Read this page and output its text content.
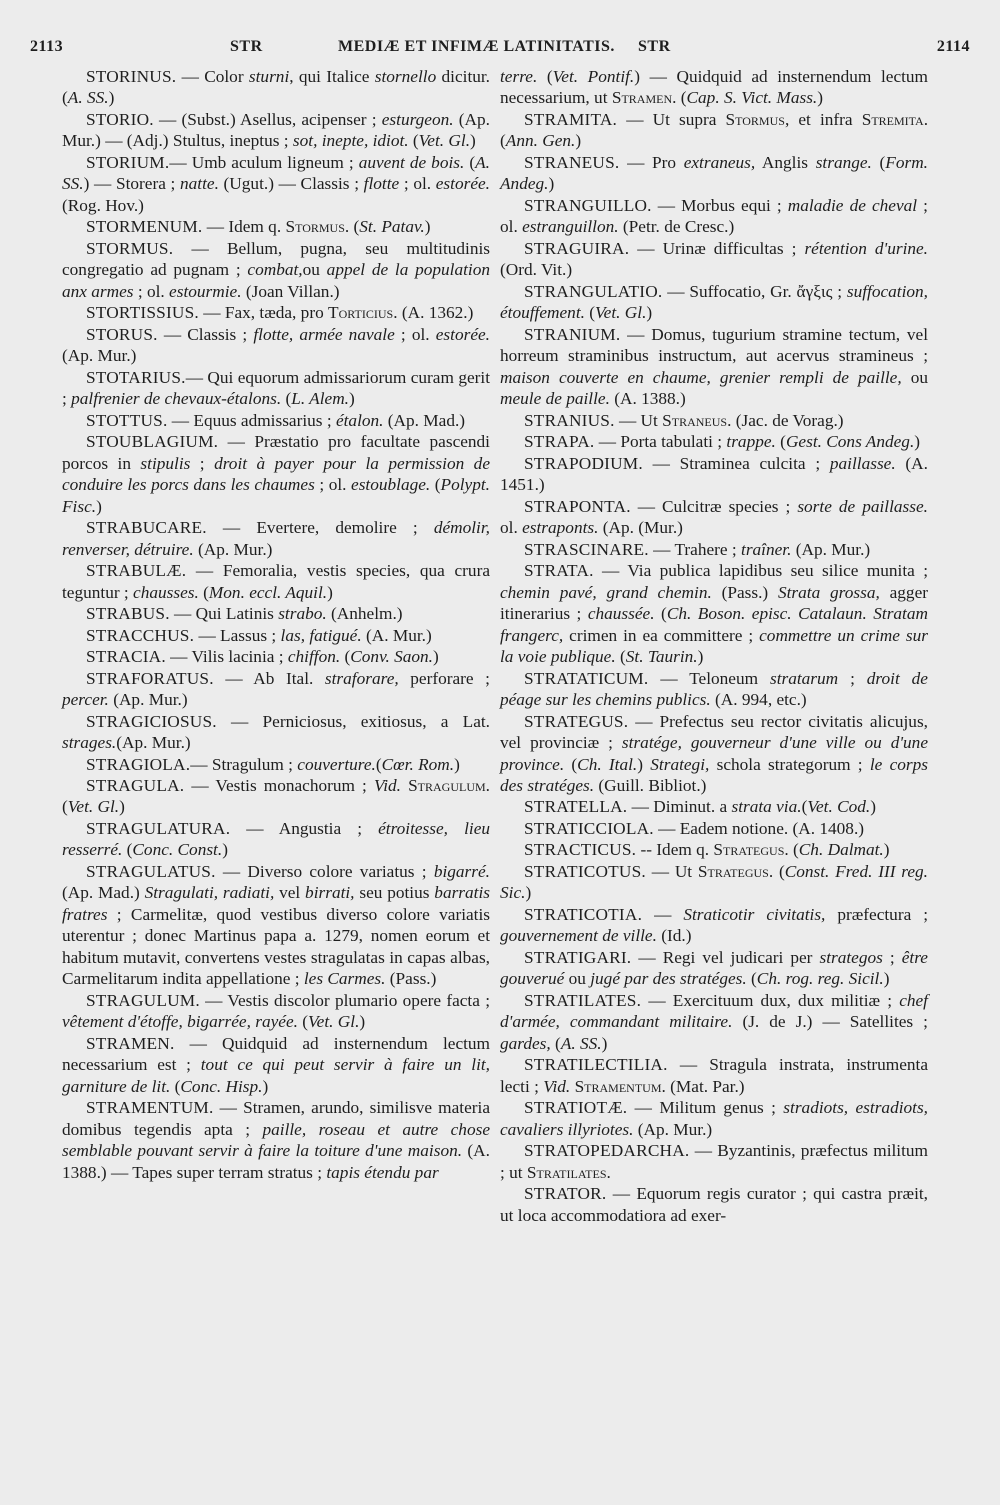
2113	STR	MEDIÆ ET INFIMÆ LATINITATIS. STR	2114

STORINUS. — Color sturni, qui Italice stornello dicitur. (A. SS.)

STORIO. — (Subst.) Asellus, acipenser ; esturgeon. (Ap. Mur.) — (Adj.) Stultus, ineptus ; sot, inepte, idiot. (Vet. Gl.)

STORIUM.— Umb aculum ligneum ; auvent de bois. (A. SS.) — Storera ; natte. (Ugut.) — Classis ; flotte ; ol. estorée. (Rog. Hov.)

STORMENUM. — Idem q. Stormus. (St. Patav.)

STORMUS. — Bellum, pugna, seu multitudinis congregatio ad pugnam ; combat,ou appel de la population anx armes ; ol. estourmie. (Joan Villan.)

STORTISSIUS. — Fax, tæda, pro Torticius. (A. 1362.)

STORUS. — Classis ; flotte, armée navale ; ol. estorée. (Ap. Mur.)

STOTARIUS.— Qui equorum admissariorum curam gerit ; palfrenier de chevaux-étalons. (L. Alem.)

STOTTUS. — Equus admissarius ; étalon. (Ap. Mad.)

STOUBLAGIUM. — Præstatio pro facultate pascendi porcos in stipulis ; droit à payer pour la permission de conduire les porcs dans les chaumes ; ol. estoublage. (Polypt. Fisc.)

STRABUCARE. — Evertere, demolire ; démolir, renverser, détruire. (Ap. Mur.)

STRABULÆ. — Femoralia, vestis species, qua crura teguntur ; chausses. (Mon. eccl. Aquil.)

STRABUS. — Qui Latinis strabo. (Anhelm.)

STRACCHUS. — Lassus ; las, fatigué. (A. Mur.)

STRACIA. — Vilis lacinia ; chiffon. (Conv. Saon.)

STRAFORATUS. — Ab Ital. straforare, perforare ; percer. (Ap. Mur.)

STRAGICIOSUS. — Perniciosus, exitiosus, a Lat. strages.(Ap. Mur.)

STRAGIOLA.— Stragulum ; couverture.(Cœr. Rom.)

STRAGULA. — Vestis monachorum ; Vid. Stragulum. (Vet. Gl.)

STRAGULATURA. — Angustia ; étroitesse, lieu resserré. (Conc. Const.)

STRAGULATUS. — Diverso colore variatus ; bigarré. (Ap. Mad.) Stragulati, radiati, vel birrati, seu potius barratis fratres ; Carmelitæ, quod vestibus diverso colore variatis uterentur ; donec Martinus papa a. 1279, nomen eorum et habitum mutavit, convertens vestes stragulatas in capas albas, Carmelitarum indita appellatione ; les Carmes. (Pass.)

STRAGULUM. — Vestis discolor plumario opere facta ; vêtement d'étoffe, bigarrée, rayée. (Vet. Gl.)

STRAMEN. — Quidquid ad insternendum lectum necessarium est ; tout ce qui peut servir à faire un lit, garniture de lit. (Conc. Hisp.)

STRAMENTUM. — Stramen, arundo, similisve materia domibus tegendis apta ; paille, roseau et autre chose semblable pouvant servir à faire la toiture d'une maison. (A. 1388.) — Tapes super terram stratus ; tapis étendu par

terre. (Vet. Pontif.) — Quidquid ad insternendum lectum necessarium, ut Stramen. (Cap. S. Vict. Mass.)

STRAMITA. — Ut supra Stormus, et infra Stremita. (Ann. Gen.)

STRANEUS. — Pro extraneus, Anglis strange. (Form. Andeg.)

STRANGUILLO. — Morbus equi ; maladie de cheval ; ol. estranguillon. (Petr. de Cresc.)

STRAGUIRA. — Urinæ difficultas ; rétention d'urine. (Ord. Vit.)

STRANGULATIO. — Suffocatio, Gr. ἄγξις ; suffocation, étouffement. (Vet. Gl.)

STRANIUM. — Domus, tugurium stramine tectum, vel horreum straminibus instructum, aut acervus stramineus ; maison couverte en chaume, grenier rempli de paille, ou meule de paille. (A. 1388.)

STRANIUS. — Ut Straneus. (Jac. de Vorag.)

STRAPA. — Porta tabulati ; trappe. (Gest. Cons Andeg.)

STRAPODIUM. — Straminea culcita ; paillasse. (A. 1451.)

STRAPONTA. — Culcitræ species ; sorte de paillasse. ol. estraponts. (Ap. (Mur.)

STRASCINARE. — Trahere ; traîner. (Ap. Mur.)

STRATA. — Via publica lapidibus seu silice munita ; chemin pavé, grand chemin. (Pass.) Strata grossa, agger itinerarius ; chaussée. (Ch. Boson. episc. Catalaun. Stratam frangerc, crimen in ea committere ; commettre un crime sur la voie publique. (St. Taurin.)

STRATATICUM. — Teloneum stratarum ; droit de péage sur les chemins publics. (A. 994, etc.)

STRATEGUS. — Prefectus seu rector civitatis alicujus, vel provinciæ ; stratége, gouverneur d'une ville ou d'une province. (Ch. Ital.) Strategi, schola strategorum ; le corps des stratéges. (Guill. Bibliot.)

STRATELLA. — Diminut. a strata via.(Vet. Cod.)

STRATICCIOLA. — Eadem notione. (A. 1408.)

STRACTICUS. -- Idem q. Strategus. (Ch. Dalmat.)

STRATICOTUS. — Ut Strategus. (Const. Fred. III reg. Sic.)

STRATICOTIA. — Straticotir civitatis, præfectura ; gouvernement de ville. (Id.)

STRATIGARI. — Regi vel judicari per strategos ; être gouverué ou jugé par des stratéges. (Ch. rog. reg. Sicil.)

STRATILATES. — Exercituum dux, dux militiæ ; chef d'armée, commandant militaire. (J. de J.) — Satellites ; gardes, (A. SS.)

STRATILECTILIA. — Stragula instrata, instrumenta lecti ; Vid. Stramentum. (Mat. Par.)

STRATIOTÆ. — Militum genus ; stradiots, estradiots, cavaliers illyriotes. (Ap. Mur.)

STRATOPEDARCHA. — Byzantinis, præfectus militum ; ut Stratilates.

STRATOR. — Equorum regis curator ; qui castra præit, ut loca accommodatiora ad exer-
